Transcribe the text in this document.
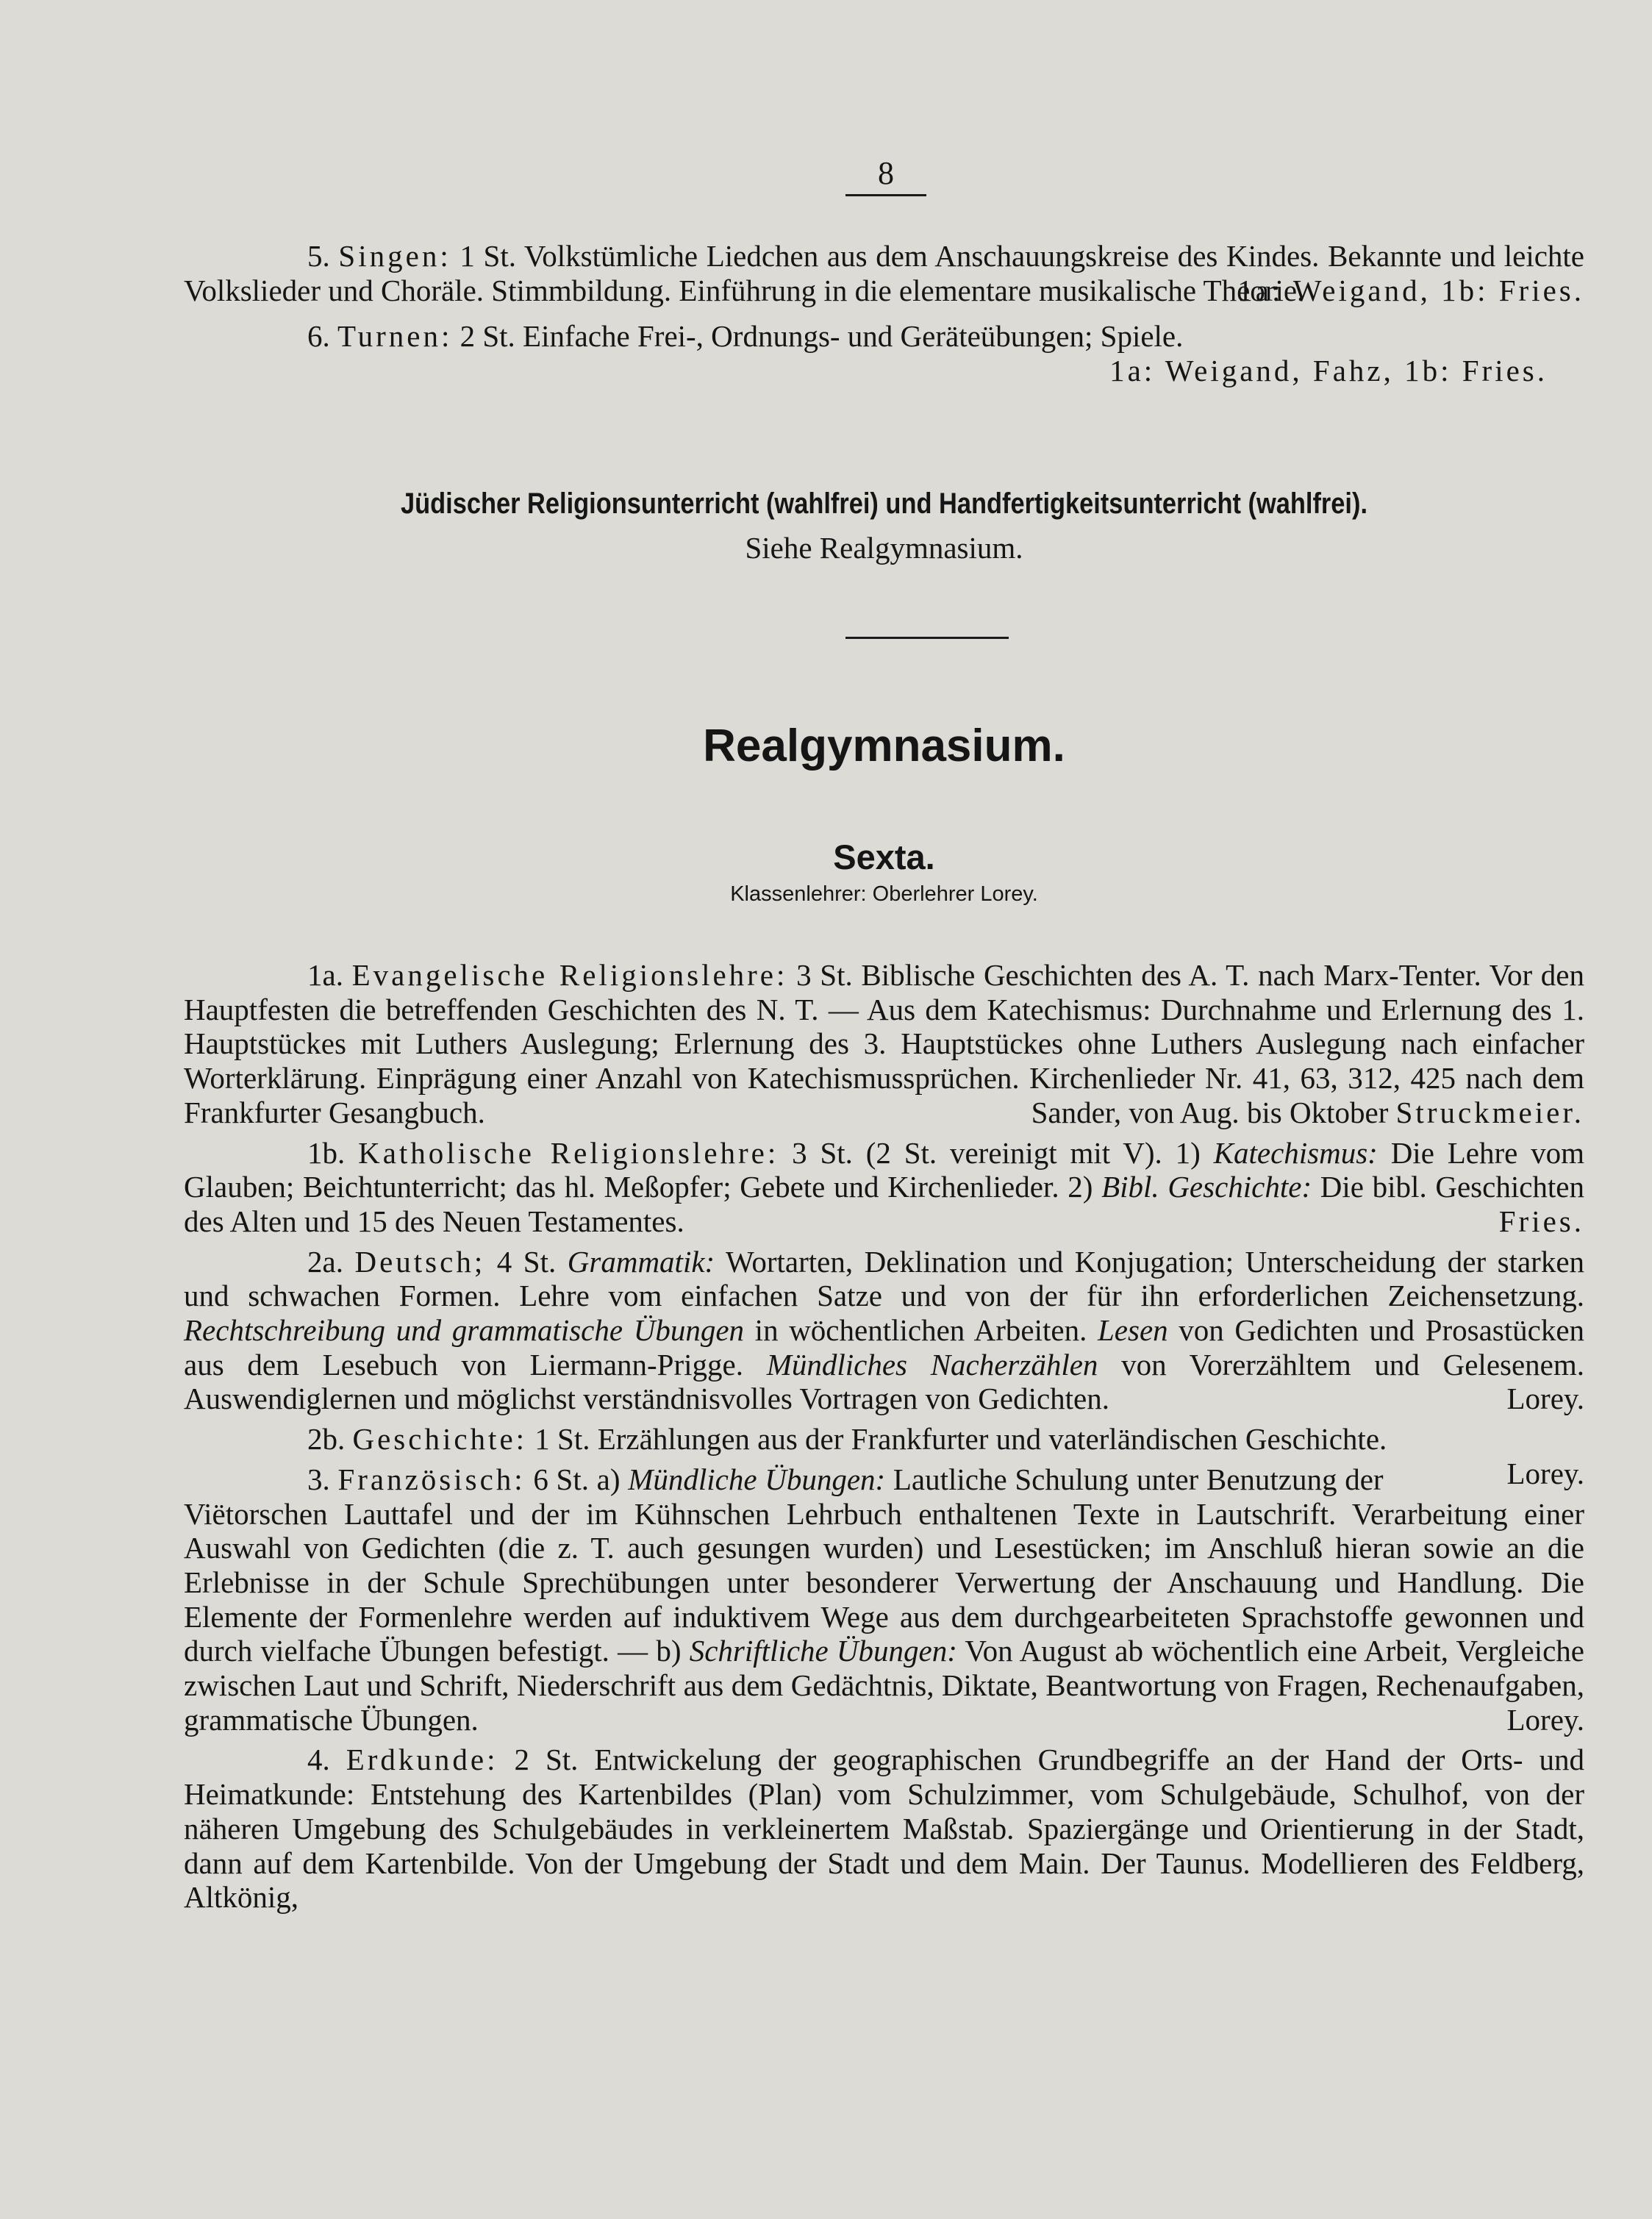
8

5. Singen: 1 St. Volkstümliche Liedchen aus dem Anschauungskreise des Kindes. Bekannte und leichte Volkslieder und Choräle. Stimmbildung. Einführung in die elementare musikalische Theorie.

1a: Weigand, 1b: Fries.

6. Turnen: 2 St. Einfache Frei-, Ordnungs- und Geräteübungen; Spiele.

1a: Weigand, Fahz, 1b: Fries.

Jüdischer Religionsunterricht (wahlfrei) und Handfertigkeitsunterricht (wahlfrei).

Siehe Realgymnasium.

Realgymnasium.
Sexta.
Klassenlehrer: Oberlehrer Lorey.

1a. Evangelische Religionslehre: 3 St. Biblische Geschichten des A. T. nach Marx-Tenter. Vor den Hauptfesten die betreffenden Geschichten des N. T. — Aus dem Katechismus: Durchnahme und Erlernung des 1. Hauptstückes mit Luthers Auslegung; Erlernung des 3. Hauptstückes ohne Luthers Auslegung nach einfacher Worterklärung. Einprägung einer Anzahl von Katechismussprüchen. Kirchenlieder Nr. 41, 63, 312, 425 nach dem Frankfurter Gesangbuch.	Sander, von Aug. bis Oktober Struckmeier.

1b. Katholische Religionslehre: 3 St. (2 St. vereinigt mit V). 1) Katechismus: Die Lehre vom Glauben; Beichtunterricht; das hl. Meßopfer; Gebete und Kirchenlieder. 2) Bibl. Geschichte: Die bibl. Geschichten des Alten und 15 des Neuen Testamentes.	Fries.

2a. Deutsch; 4 St. Grammatik: Wortarten, Deklination und Konjugation; Unterscheidung der starken und schwachen Formen. Lehre vom einfachen Satze und von der für ihn erforderlichen Zeichensetzung. Rechtschreibung und grammatische Übungen in wöchentlichen Arbeiten. Lesen von Gedichten und Prosastücken aus dem Lesebuch von Liermann-Prigge. Mündliches Nacherzählen von Vorerzähltem und Gelesenem. Auswendiglernen und möglichst verständnisvolles Vortragen von Gedichten.	Lorey.

2b. Geschichte: 1 St. Erzählungen aus der Frankfurter und vaterländischen Geschichte.
Lorey.

3. Französisch: 6 St. a) Mündliche Übungen: Lautliche Schulung unter Benutzung der Viëtorschen Lauttafel und der im Kühnschen Lehrbuch enthaltenen Texte in Lautschrift. Verarbeitung einer Auswahl von Gedichten (die z. T. auch gesungen wurden) und Lesestücken; im Anschluß hieran sowie an die Erlebnisse in der Schule Sprechübungen unter besonderer Verwertung der Anschauung und Handlung. Die Elemente der Formenlehre werden auf induktivem Wege aus dem durchgearbeiteten Sprachstoffe gewonnen und durch vielfache Übungen befestigt. — b) Schriftliche Übungen: Von August ab wöchentlich eine Arbeit, Vergleiche zwischen Laut und Schrift, Niederschrift aus dem Gedächtnis, Diktate, Beantwortung von Fragen, Rechenaufgaben, grammatische Übungen.	Lorey.

4. Erdkunde: 2 St. Entwickelung der geographischen Grundbegriffe an der Hand der Orts- und Heimatkunde: Entstehung des Kartenbildes (Plan) vom Schulzimmer, vom Schulgebäude, Schulhof, von der näheren Umgebung des Schulgebäudes in verkleinertem Maßstab. Spaziergänge und Orientierung in der Stadt, dann auf dem Kartenbilde. Von der Umgebung der Stadt und dem Main. Der Taunus. Modellieren des Feldberg, Altkönig,
